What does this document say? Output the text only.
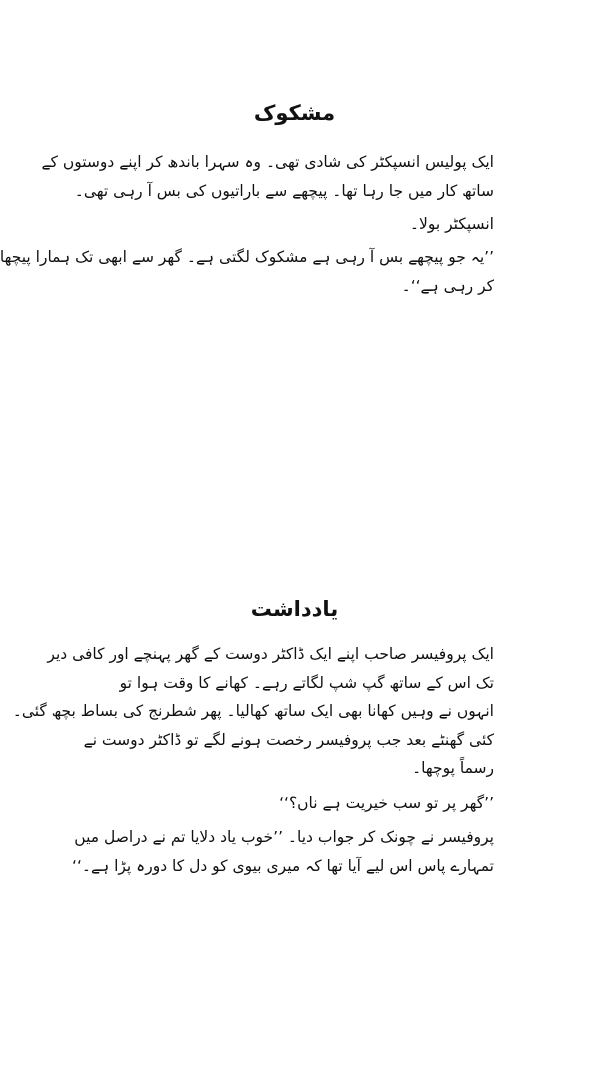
مشکوک

ایک پولیس انسپکٹر کی شادی تھی۔ وہ سہرا باندھ کر اپنے دوستوں کے

ساتھ کار میں جا رہا تھا۔ پیچھے سے باراتیوں کی بس آ رہی تھی۔

انسپکٹر بولا۔

’’یہ جو پیچھے بس آ رہی ہے مشکوک لگتی ہے۔ گھر سے ابھی تک ہمارا پیچھا

کر رہی ہے‘‘۔

یادداشت

ایک پروفیسر صاحب اپنے ایک ڈاکٹر دوست کے گھر پہنچے اور کافی دیر

تک اس کے ساتھ گپ شپ لگاتے رہے۔ کھانے کا وقت ہوا تو

انہوں نے وہیں کھانا بھی ایک ساتھ کھالیا۔ پھر شطرنج کی بساط بچھ گئی۔

کئی گھنٹے بعد جب پروفیسر رخصت ہونے لگے تو ڈاکٹر دوست نے

رسماً پوچھا۔

’’گھر پر تو سب خیریت ہے ناں؟‘‘

پروفیسر نے چونک کر جواب دیا۔ ’’خوب یاد دلایا تم نے دراصل میں

تمہارے پاس اس لیے آیا تھا کہ میری بیوی کو دل کا دورہ پڑا ہے۔‘‘
